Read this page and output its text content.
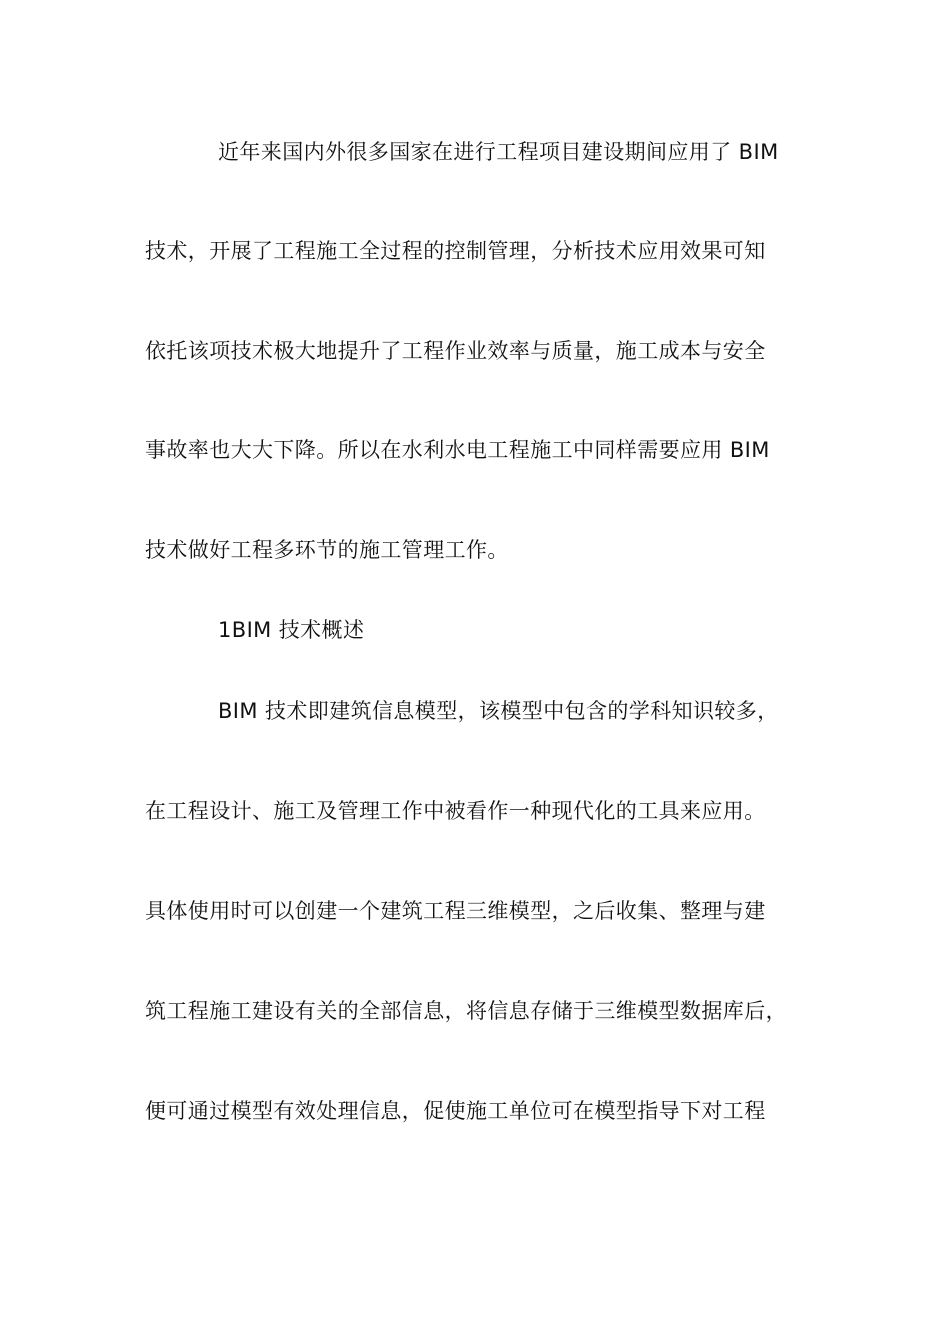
近年来国内外很多国家在进行工程项目建设期间应用了 BIM
技术，开展了工程施工全过程的控制管理，分析技术应用效果可知
依托该项技术极大地提升了工程作业效率与质量，施工成本与安全
事故率也大大下降。所以在水利水电工程施工中同样需要应用 BIM
技术做好工程多环节的施工管理工作。
1BIM 技术概述
BIM 技术即建筑信息模型，该模型中包含的学科知识较多，
在工程设计、施工及管理工作中被看作一种现代化的工具来应用。
具体使用时可以创建一个建筑工程三维模型，之后收集、整理与建
筑工程施工建设有关的全部信息，将信息存储于三维模型数据库后，
便可通过模型有效处理信息，促使施工单位可在模型指导下对工程
